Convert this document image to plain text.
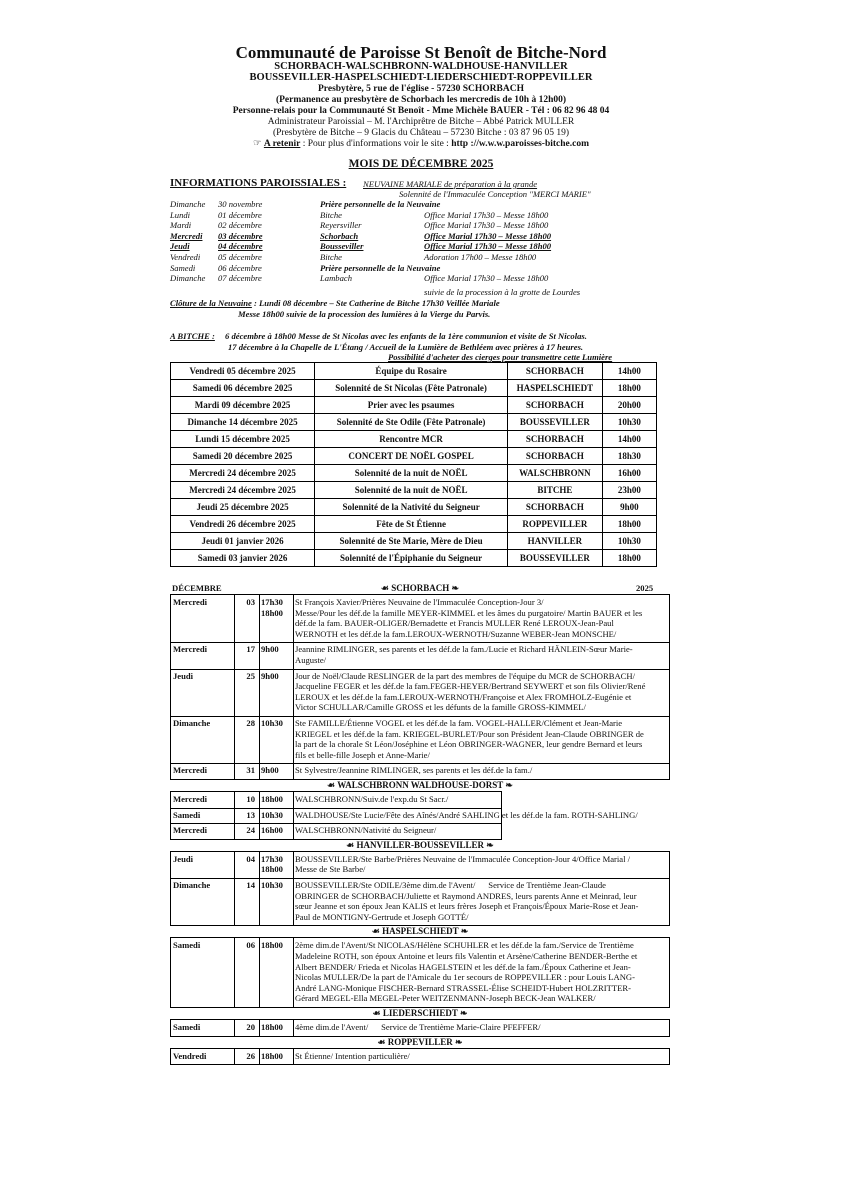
Communauté de Paroisse St Benoît de Bitche-Nord
SCHORBACH-WALSCHBRONN-WALDHOUSE-HANVILLER
BOUSSEVILLER-HASPELSCHIEDT-LIEDERSCHIEDT-ROPPEVILLER
Presbytère, 5 rue de l'église - 57230 SCHORBACH
(Permanence au presbytère de Schorbach les mercredis de 10h à 12h00)
Personne-relais pour la Communauté St Benoît - Mme Michèle BAUER - Tél : 06 82 96 48 04
Administrateur Paroissial – M. l'Archiprêtre de Bitche – Abbé Patrick MULLER
(Presbytère de Bitche – 9 Glacis du Château – 57230 Bitche : 03 87 96 05 19)
☞ A retenir : Pour plus d'informations voir le site : http ://w.w.w.paroisses-bitche.com
MOIS DE DÉCEMBRE 2025
INFORMATIONS PAROISSIALES : NEUVAINE MARIALE de préparation à la grande
Solennité de l'Immaculée Conception "MERCI MARIE"
Dimanche	30 novembre	Prière personnelle de la Neuvaine	
Lundi	01 décembre	Bitche	Office Marial 17h30 – Messe 18h00
Mardi	02 décembre	Reyersviller	Office Marial 17h30 – Messe 18h00
Mercredi	03 décembre	Schorbach	Office Marial 17h30 – Messe 18h00
Jeudi	04 décembre	Bousseviller	Office Marial 17h30 – Messe 18h00
Vendredi	05 décembre	Bitche	Adoration 17h00 – Messe 18h00
Samedi	06 décembre	Prière personnelle de la Neuvaine	
Dimanche	07 décembre	Lambach	Office Marial 17h30 – Messe 18h00
suivie de la procession à la grotte de Lourdes
Clôture de la Neuvaine : Lundi 08 décembre – Ste Catherine de Bitche 17h30 Veillée Mariale
Messe 18h00 suivie de la procession des lumières à la Vierge du Parvis.
A BITCHE : 6 décembre à 18h00 Messe de St Nicolas avec les enfants de la 1ère communion et visite de St Nicolas.
17 décembre à la Chapelle de L'Étang / Accueil de la Lumière de Bethléem avec prières à 17 heures.
Possibilité d'acheter des cierges pour transmettre cette Lumière
Vendredi 05 décembre 2025	Équipe du Rosaire	SCHORBACH	14h00
Samedi 06 décembre 2025	Solennité de St Nicolas (Fête Patronale)	HASPELSCHIEDT	18h00
Mardi 09 décembre 2025	Prier avec les psaumes	SCHORBACH	20h00
Dimanche 14 décembre 2025	Solennité de Ste Odile (Fête Patronale)	BOUSSEVILLER	10h30
Lundi 15 décembre 2025	Rencontre MCR	SCHORBACH	14h00
Samedi 20 décembre 2025	CONCERT DE NOËL GOSPEL	SCHORBACH	18h30
Mercredi 24 décembre 2025	Solennité de la nuit de NOËL	WALSCHBRONN	16h00
Mercredi 24 décembre 2025	Solennité de la nuit de NOËL	BITCHE	23h00
Jeudi 25 décembre 2025	Solennité de la Nativité du Seigneur	SCHORBACH	9h00
Vendredi 26 décembre 2025	Fête de St Étienne	ROPPEVILLER	18h00
Jeudi 01 janvier 2026	Solennité de Ste Marie, Mère de Dieu	HANVILLER	10h30
Samedi 03 janvier 2026	Solennité de l'Épiphanie du Seigneur	BOUSSEVILLER	18h00
DÉCEMBRE	2025
☙ SCHORBACH ❧
Mercredi	03 17h30
18h00
St François Xavier/Prières Neuvaine de l'Immaculée Conception-Jour 3/
Messe/Pour les déf.de la famille MEYER-KIMMEL et les âmes du purgatoire/ Martin BAUER et les
déf.de la fam. BAUER-OLIGER/Bernadette et Francis MULLER René LEROUX-Jean-Paul
WERNOTH et les déf.de la fam.LEROUX-WERNOTH/Suzanne WEBER-Jean MONSCHE/
Mercredi	17 9h00 Jeannine RIMLINGER, ses parents et les déf.de la fam./Lucie et Richard HÄNLEIN-Sœur Marie-
Auguste/
Jeudi	25 9h00 Jour de Noël/Claude RESLINGER de la part des membres de l'équipe du MCR de SCHORBACH/
Jacqueline FEGER et les déf.de la fam.FEGER-HEYER/Bertrand SEYWERT et son fils Olivier/René
LEROUX et les déf.de la fam.LEROUX-WERNOTH/Françoise et Alex FROMHOLZ-Eugénie et
Victor SCHULLAR/Camille GROSS et les défunts de la famille GROSS-KIMMEL/
Dimanche	28 10h30 Ste FAMILLE/Étienne VOGEL et les déf.de la fam. VOGEL-HALLER/Clément et Jean-Marie
KRIEGEL et les déf.de la fam. KRIEGEL-BURLET/Pour son Président Jean-Claude OBRINGER de
la part de la chorale St Léon/Joséphine et Léon OBRINGER-WAGNER, leur gendre Bernard et leurs
fils et belle-fille Joseph et Anne-Marie/
Mercredi	31 9h00 St Sylvestre/Jeannine RIMLINGER, ses parents et les déf.de la fam./
☙ WALSCHBRONN WALDHOUSE-DORST ❧
Mercredi	10 18h00 WALSCHBRONN/Suiv.de l'exp.du St Sacr./
Samedi	13 10h30 WALDHOUSE/Ste Lucie/Fête des Aînés/André SAHLING et les déf.de la fam. ROTH-SAHLING/
Mercredi	24 16h00 WALSCHBRONN/Nativité du Seigneur/
☙ HANVILLER-BOUSSEVILLER ❧
Jeudi	04 17h30
18h00
BOUSSEVILLER/Ste Barbe/Prières Neuvaine de l'Immaculée Conception-Jour 4/Office Marial /
Messe de Ste Barbe/
Dimanche	14 10h30 BOUSSEVILLER/Ste ODILE/3ème dim.de l'Avent/      Service de Trentième Jean-Claude
OBRINGER de SCHORBACH/Juliette et Raymond ANDRES, leurs parents Anne et Meinrad, leur
sœur Jeanne et son époux Jean KALIS et leurs frères Joseph et François/Époux Marie-Rose et Jean-
Paul de MONTIGNY-Gertrude et Joseph GOTTÉ/
☙ HASPELSCHIEDT ❧
Samedi	06 18h00 2ème dim.de l'Avent/St NICOLAS/Hélène SCHUHLER et les déf.de la fam./Service de Trentième
Madeleine ROTH, son époux Antoine et leurs fils Valentin et Arsène/Catherine BENDER-Berthe et
Albert BENDER/ Frieda et Nicolas HAGELSTEIN et les déf.de la fam./Époux Catherine et Jean-
Nicolas MULLER/De la part de l'Amicale du 1er secours de ROPPEVILLER : pour Louis LANG-
André LANG-Monique FISCHER-Bernard STRASSEL-Élise SCHEIDT-Hubert HOLZRITTER-
Gérard MEGEL-Ella MEGEL-Peter WEITZENMANN-Joseph BECK-Jean WALKER/
☙ LIEDERSCHIEDT ❧
Samedi	20 18h00 4ème dim.de l'Avent/      Service de Trentième Marie-Claire PFEFFER/
☙ ROPPEVILLER ❧
Vendredi	26 18h00 St Étienne/ Intention particulière/
